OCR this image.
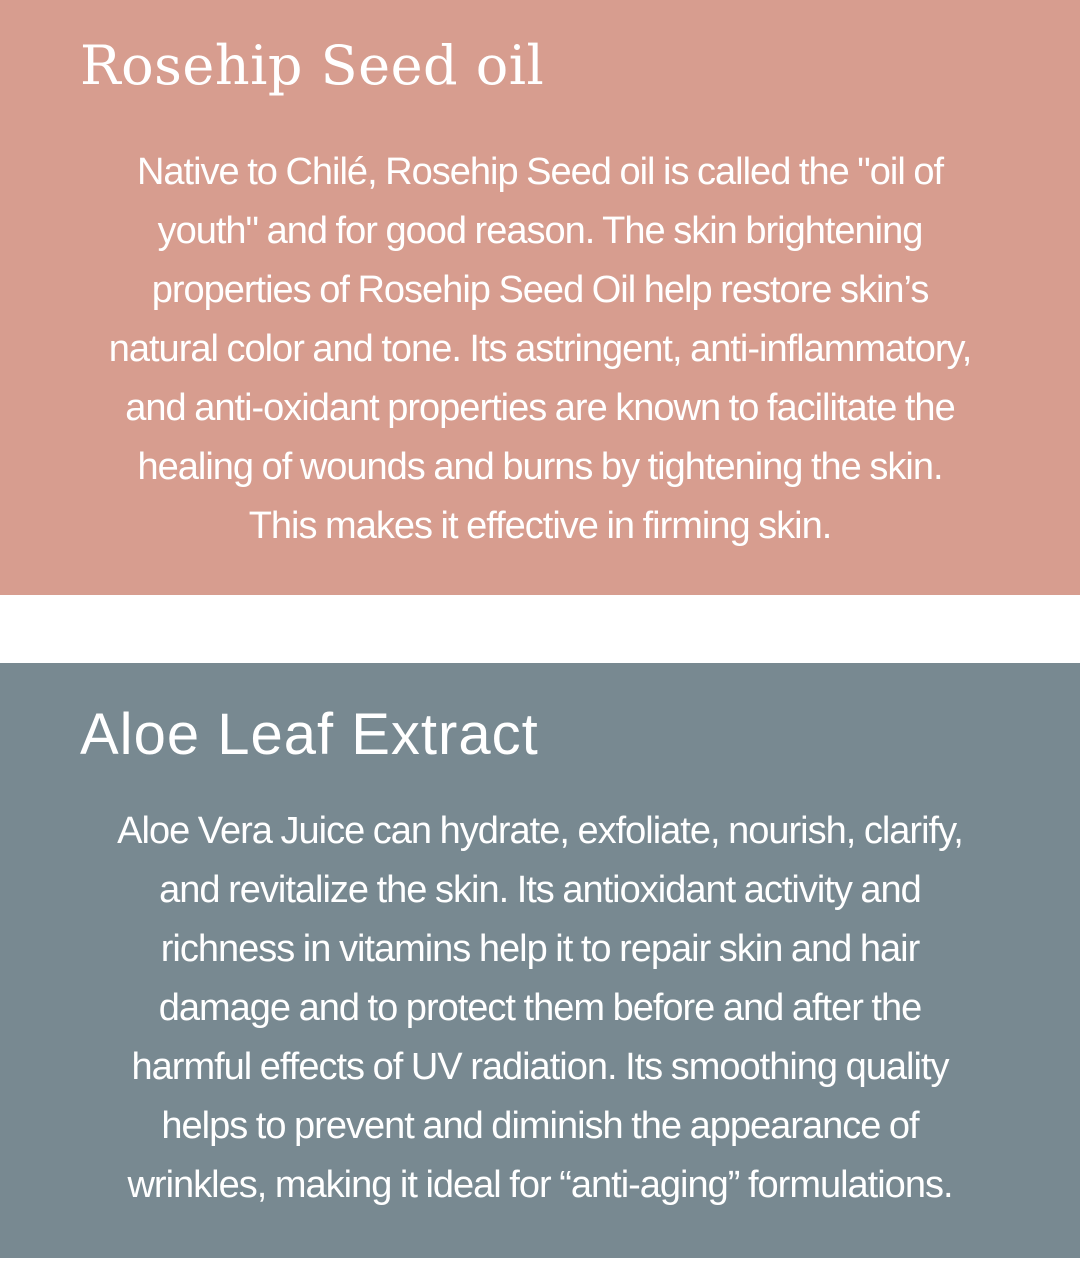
Rosehip Seed oil

Native to Chilé, Rosehip Seed oil is called the "oil of
youth" and for good reason. The skin brightening
properties of Rosehip Seed Oil help restore skin’s
natural color and tone. Its astringent, anti-inflammatory,
and anti-oxidant properties are known to facilitate the
healing of wounds and burns by tightening the skin.
This makes it effective in firming skin.

Aloe Leaf Extract

Aloe Vera Juice can hydrate, exfoliate, nourish, clarify,
and revitalize the skin. Its antioxidant activity and
richness in vitamins help it to repair skin and hair
damage and to protect them before and after the
harmful effects of UV radiation. Its smoothing quality
helps to prevent and diminish the appearance of
wrinkles, making it ideal for “anti-aging” formulations.
